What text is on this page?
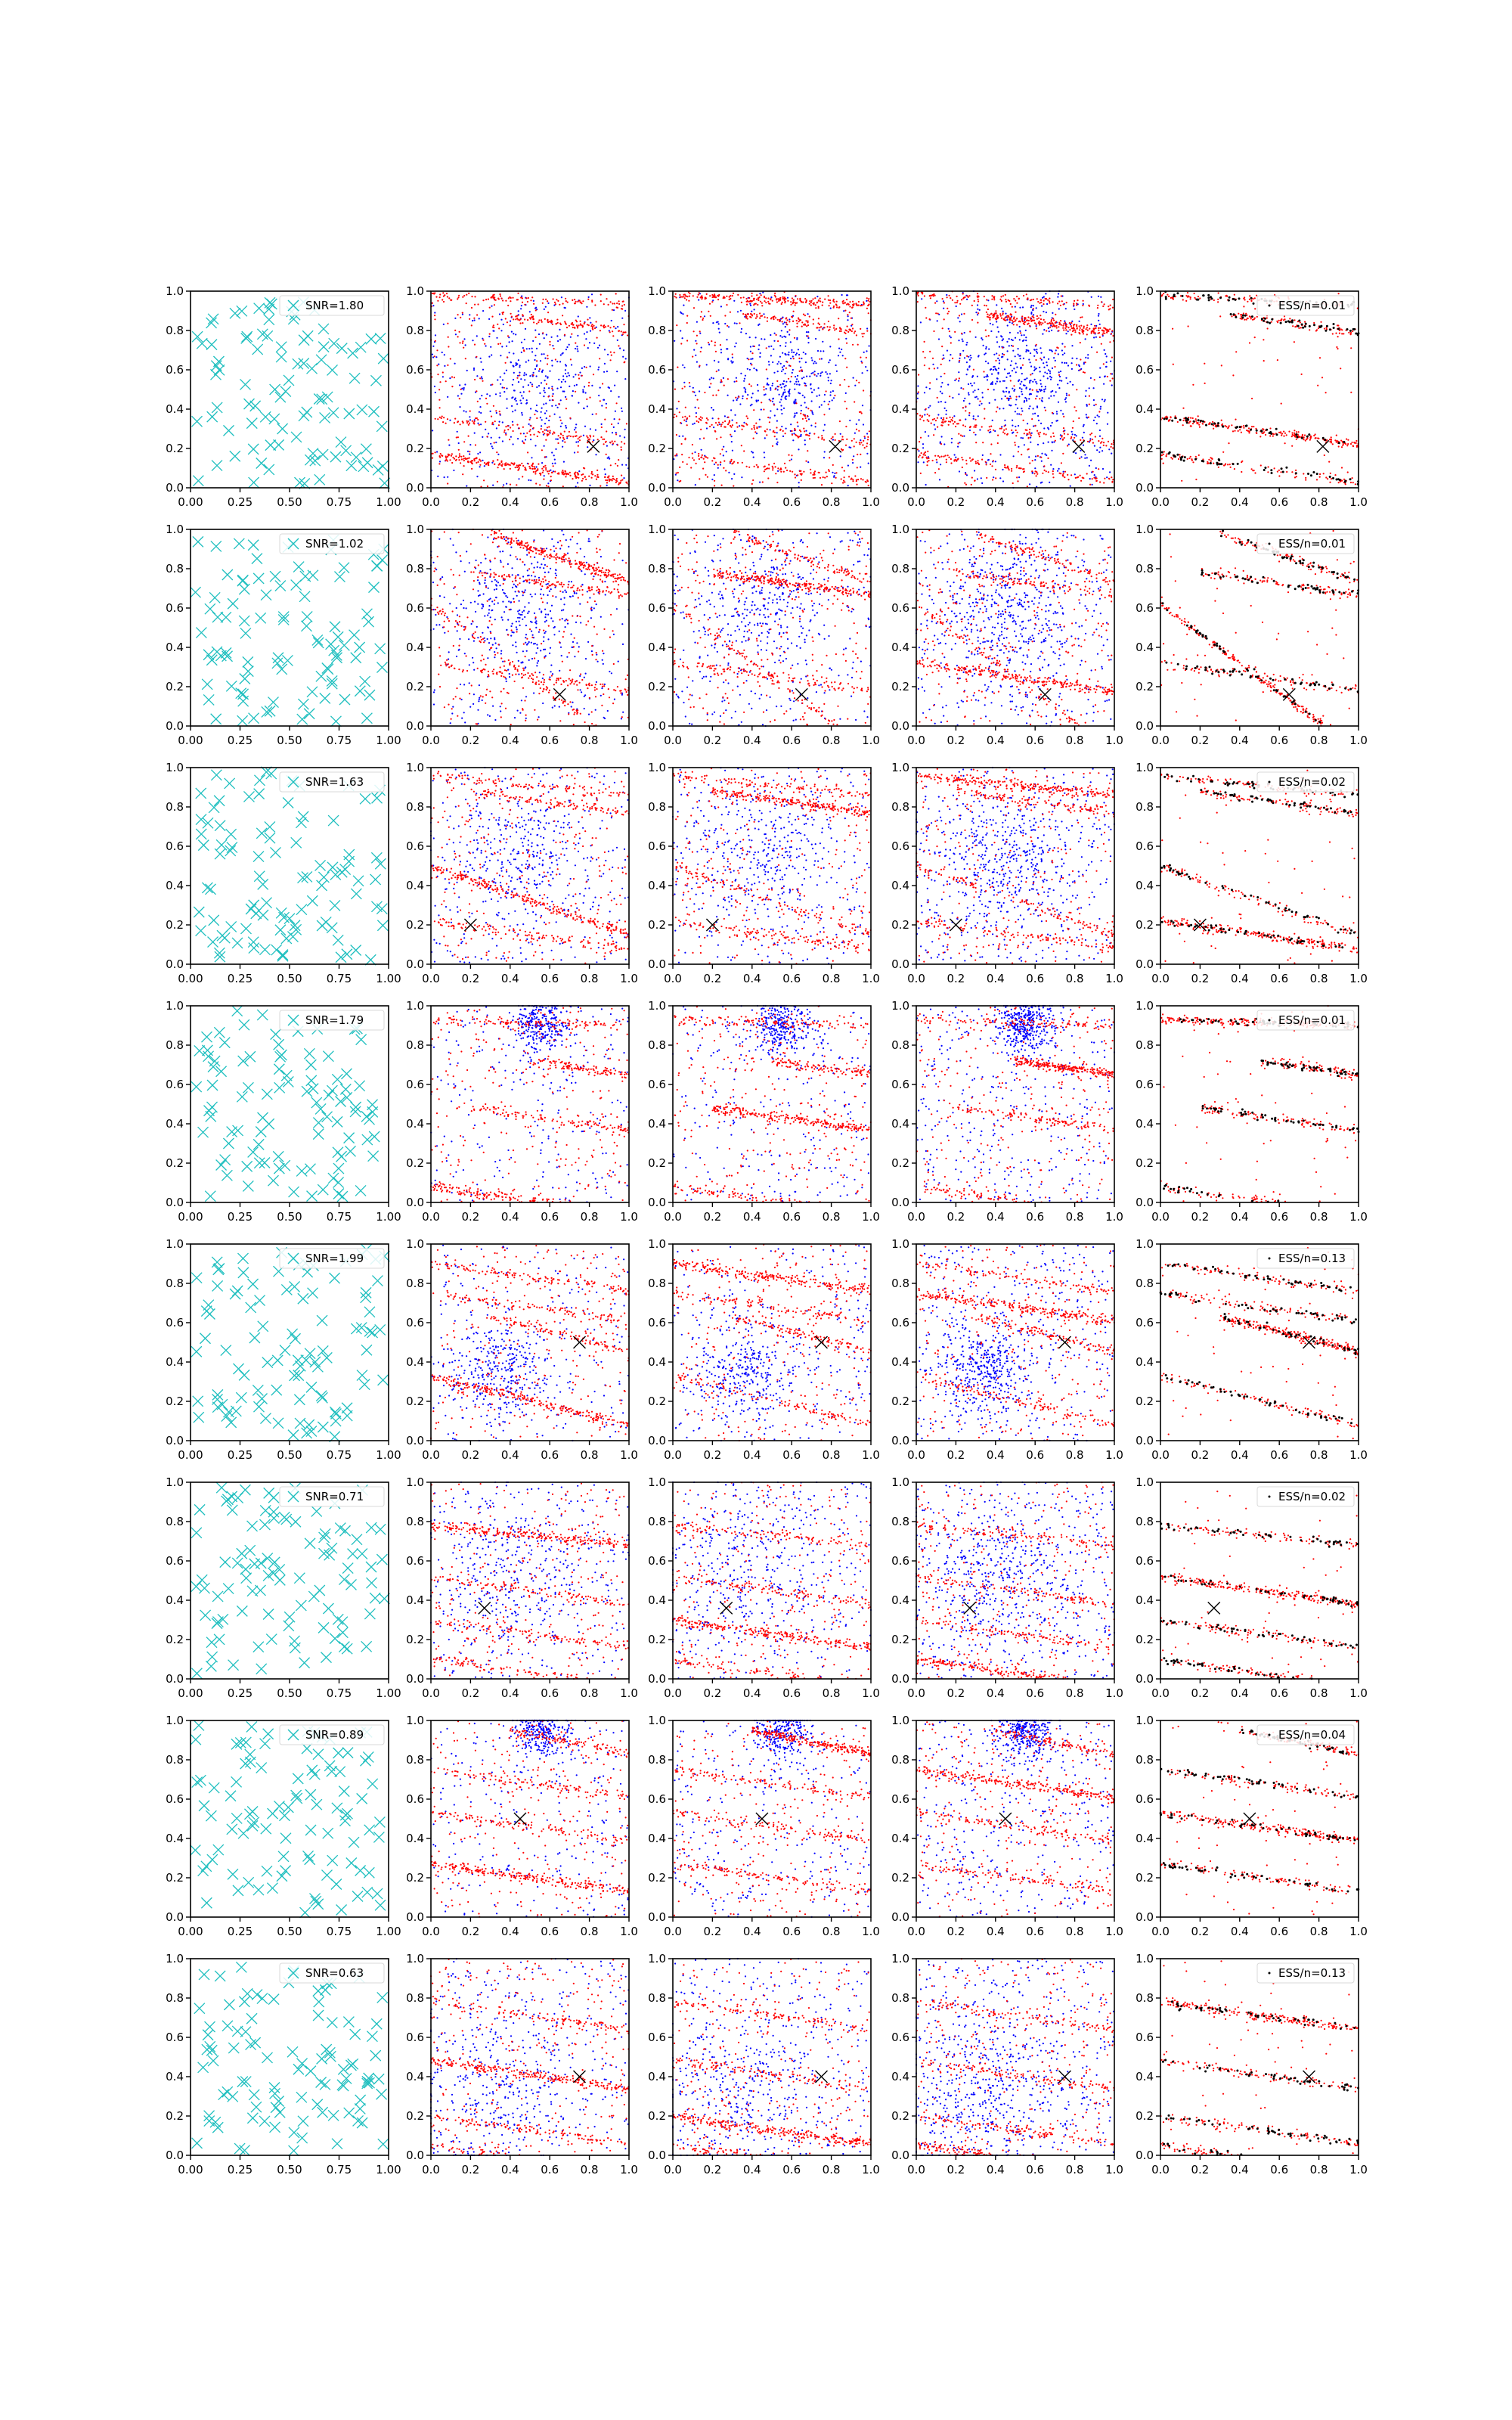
0.00 0.25 0.50 0.75 1.00
0.0
0.2
0.4
0.6
0.8
1.0
SNR=1.80
0.0 0.2 0.4 0.6 0.8 1.0
0.0
0.2
0.4
0.6
0.8
1.0
0.0 0.2 0.4 0.6 0.8 1.0
0.0
0.2
0.4
0.6
0.8
1.0
0.0 0.2 0.4 0.6 0.8 1.0
0.0
0.2
0.4
0.6
0.8
1.0
0.0 0.2 0.4 0.6 0.8 1.0
0.0
0.2
0.4
0.6
0.8
1.0
ESS/n=0.01
0.00 0.25 0.50 0.75 1.00
0.0
0.2
0.4
0.6
0.8
1.0
SNR=1.02
0.0 0.2 0.4 0.6 0.8 1.0
0.0
0.2
0.4
0.6
0.8
1.0
0.0 0.2 0.4 0.6 0.8 1.0
0.0
0.2
0.4
0.6
0.8
1.0
0.0 0.2 0.4 0.6 0.8 1.0
0.0
0.2
0.4
0.6
0.8
1.0
0.0 0.2 0.4 0.6 0.8 1.0
0.0
0.2
0.4
0.6
0.8
1.0
ESS/n=0.01
0.00 0.25 0.50 0.75 1.00
0.0
0.2
0.4
0.6
0.8
1.0
SNR=1.63
0.0 0.2 0.4 0.6 0.8 1.0
0.0
0.2
0.4
0.6
0.8
1.0
0.0 0.2 0.4 0.6 0.8 1.0
0.0
0.2
0.4
0.6
0.8
1.0
0.0 0.2 0.4 0.6 0.8 1.0
0.0
0.2
0.4
0.6
0.8
1.0
0.0 0.2 0.4 0.6 0.8 1.0
0.0
0.2
0.4
0.6
0.8
1.0
ESS/n=0.02
0.00 0.25 0.50 0.75 1.00
0.0
0.2
0.4
0.6
0.8
1.0
SNR=1.79
0.0 0.2 0.4 0.6 0.8 1.0
0.0
0.2
0.4
0.6
0.8
1.0
0.0 0.2 0.4 0.6 0.8 1.0
0.0
0.2
0.4
0.6
0.8
1.0
0.0 0.2 0.4 0.6 0.8 1.0
0.0
0.2
0.4
0.6
0.8
1.0
0.0 0.2 0.4 0.6 0.8 1.0
0.0
0.2
0.4
0.6
0.8
1.0
ESS/n=0.01
0.00 0.25 0.50 0.75 1.00
0.0
0.2
0.4
0.6
0.8
1.0
SNR=1.99
0.0 0.2 0.4 0.6 0.8 1.0
0.0
0.2
0.4
0.6
0.8
1.0
0.0 0.2 0.4 0.6 0.8 1.0
0.0
0.2
0.4
0.6
0.8
1.0
0.0 0.2 0.4 0.6 0.8 1.0
0.0
0.2
0.4
0.6
0.8
1.0
0.0 0.2 0.4 0.6 0.8 1.0
0.0
0.2
0.4
0.6
0.8
1.0
ESS/n=0.13
0.00 0.25 0.50 0.75 1.00
0.0
0.2
0.4
0.6
0.8
1.0
SNR=0.71
0.0 0.2 0.4 0.6 0.8 1.0
0.0
0.2
0.4
0.6
0.8
1.0
0.0 0.2 0.4 0.6 0.8 1.0
0.0
0.2
0.4
0.6
0.8
1.0
0.0 0.2 0.4 0.6 0.8 1.0
0.0
0.2
0.4
0.6
0.8
1.0
0.0 0.2 0.4 0.6 0.8 1.0
0.0
0.2
0.4
0.6
0.8
1.0
ESS/n=0.02
0.00 0.25 0.50 0.75 1.00
0.0
0.2
0.4
0.6
0.8
1.0
SNR=0.89
0.0 0.2 0.4 0.6 0.8 1.0
0.0
0.2
0.4
0.6
0.8
1.0
0.0 0.2 0.4 0.6 0.8 1.0
0.0
0.2
0.4
0.6
0.8
1.0
0.0 0.2 0.4 0.6 0.8 1.0
0.0
0.2
0.4
0.6
0.8
1.0
0.0 0.2 0.4 0.6 0.8 1.0
0.0
0.2
0.4
0.6
0.8
1.0
ESS/n=0.04
0.00 0.25 0.50 0.75 1.00
0.0
0.2
0.4
0.6
0.8
1.0
SNR=0.63
0.0 0.2 0.4 0.6 0.8 1.0
0.0
0.2
0.4
0.6
0.8
1.0
0.0 0.2 0.4 0.6 0.8 1.0
0.0
0.2
0.4
0.6
0.8
1.0
0.0 0.2 0.4 0.6 0.8 1.0
0.0
0.2
0.4
0.6
0.8
1.0
0.0 0.2 0.4 0.6 0.8 1.0
0.0
0.2
0.4
0.6
0.8
1.0
ESS/n=0.13
